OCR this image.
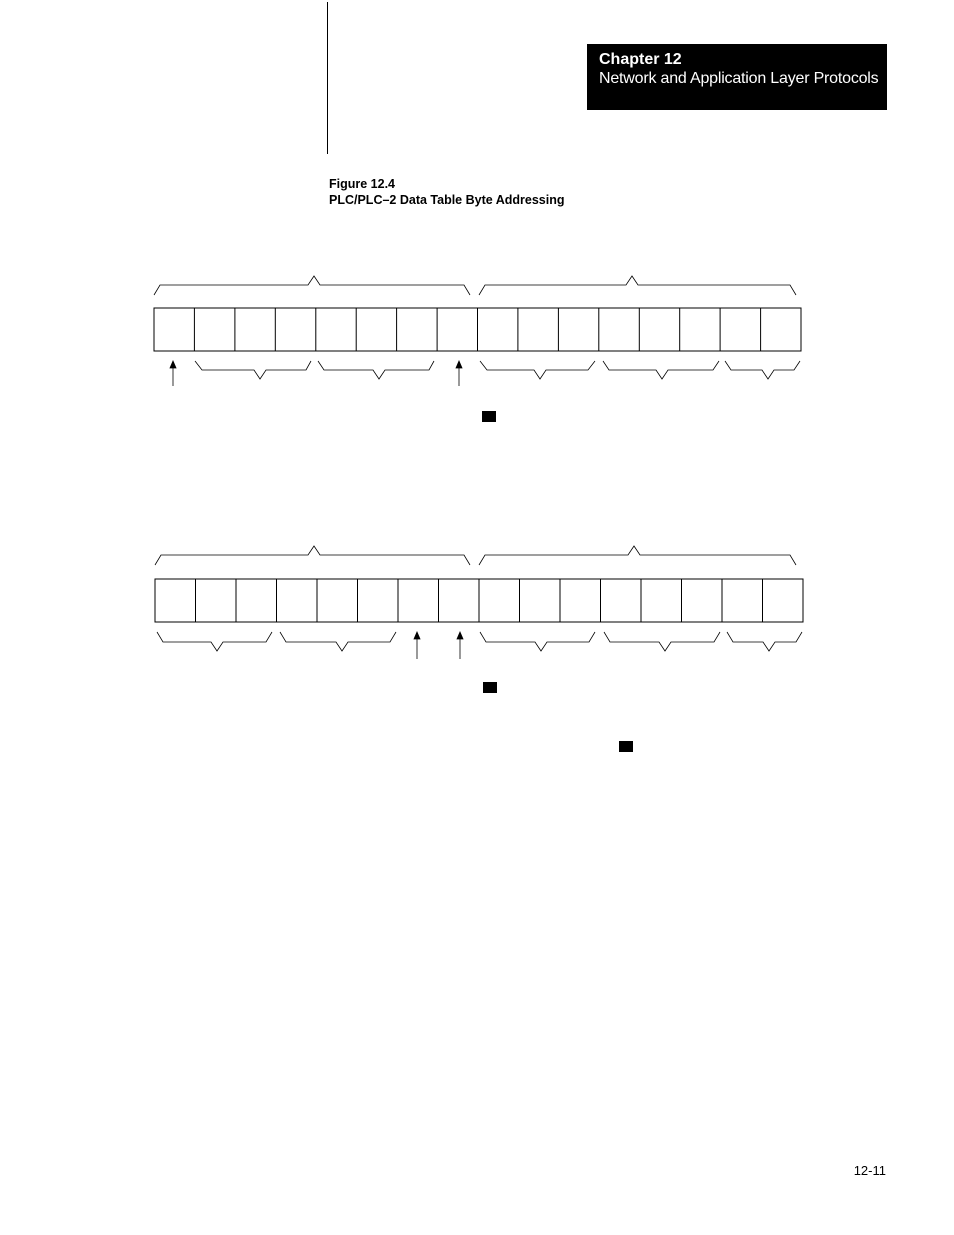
Chapter 12
Network and Application Layer Protocols
Figure 12.4
PLC/PLC–2 Data Table Byte Addressing
12-11
